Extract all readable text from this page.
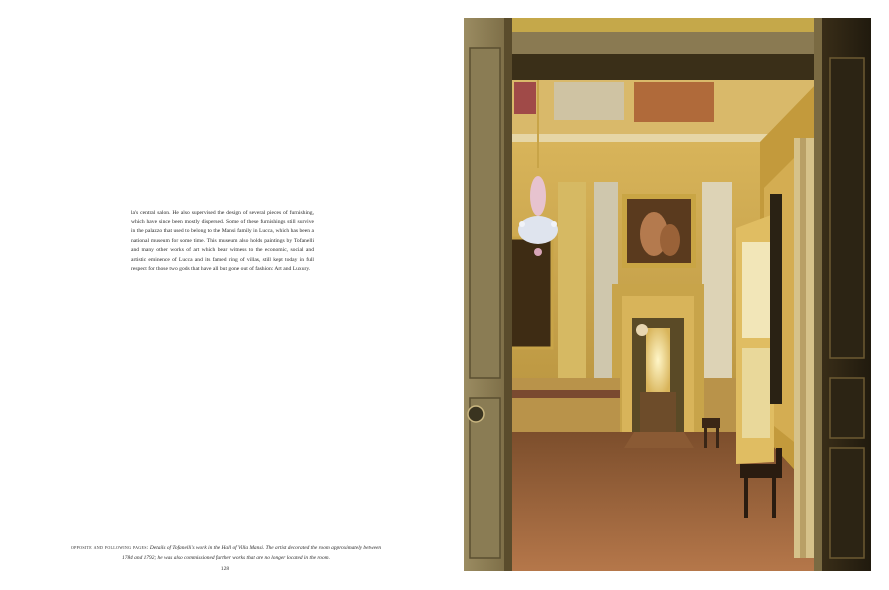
la's central salon. He also supervised the design of several pieces of furnishing, which have since been mostly dispersed. Some of these furnishings still survive in the palazzo that used to belong to the Mansi family in Lucca, which has been a national museum for some time. This museum also holds paintings by Tofanelli and many other works of art which bear witness to the economic, social and artistic eminence of Lucca and its famed ring of villas, still kept today in full respect for those two gods that have all but gone out of fashion: Art and Luxury.

opposite and following pages: Details of Tofanelli's work in the Hall of Villa Mansi. The artist decorated the room approximately between 1784 and 1792; he was also commissioned further works that are no longer located in the room.

128
